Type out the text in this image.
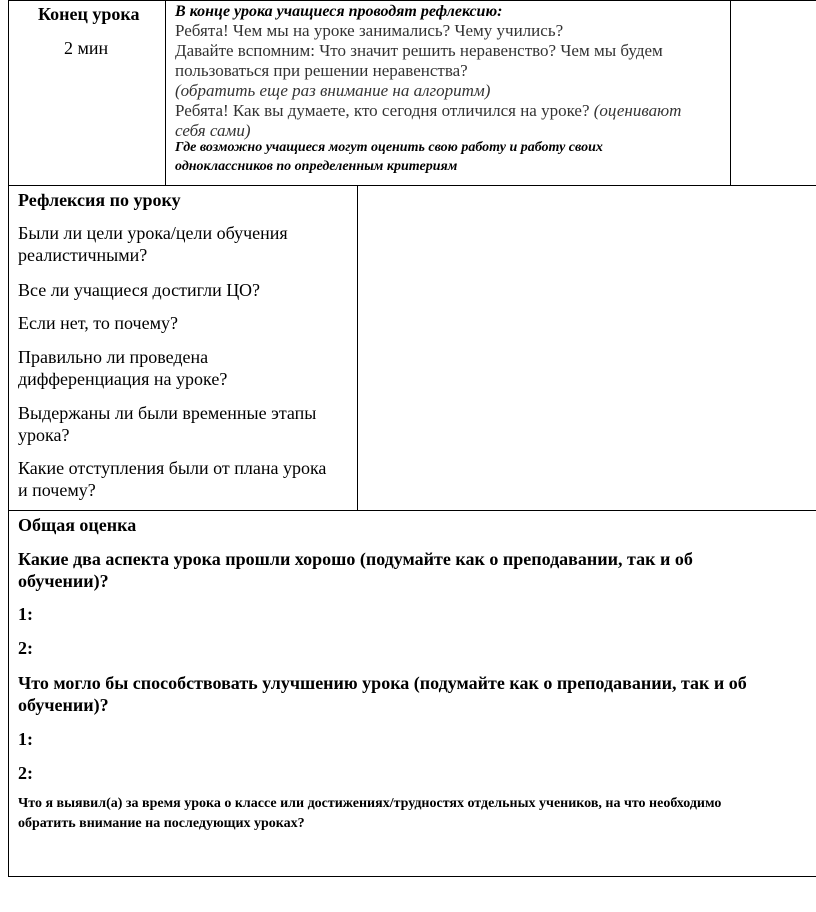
Конец урока
2 мин
В конце урока учащиеся проводят рефлексию:
Ребята! Чем мы на уроке занимались? Чему учились?
Давайте вспомним: Что значит решить неравенство? Чем мы будем
пользоваться при решении неравенства?
(обратить еще раз внимание на алгоритм)
Ребята! Как вы думаете, кто сегодня отличился на уроке? (оценивают
себя сами)
Где возможно учащиеся могут оценить свою работу и работу своих
одноклассников по определенным критериям
Рефлексия по уроку
Были ли цели урока/цели обучения
реалистичными?
Все ли учащиеся достигли ЦО?
Если нет, то почему?
Правильно ли проведена
дифференциация на уроке?
Выдержаны ли были временные этапы
урока?
Какие отступления были от плана урока
и почему?
Общая оценка
Какие два аспекта урока прошли хорошо (подумайте как о преподавании, так и об
обучении)?
1:
2:
Что могло бы способствовать улучшению урока (подумайте как о преподавании, так и об
обучении)?
1:
2:
Что я выявил(а) за время урока о классе или достижениях/трудностях отдельных учеников, на что необходимо
обратить внимание на последующих уроках?
